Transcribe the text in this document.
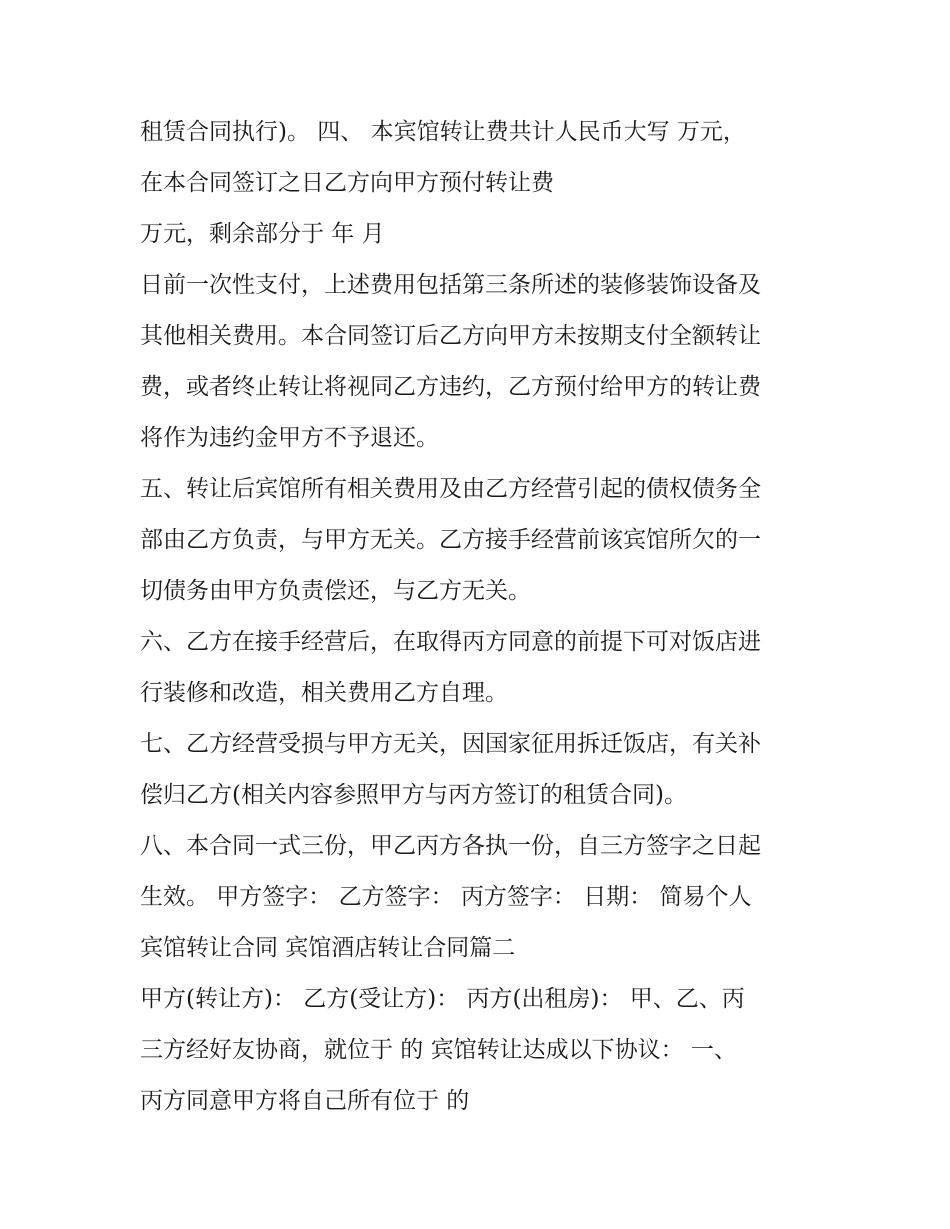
租赁合同执行)。 四、 本宾馆转让费共计人民币大写 万元，
在本合同签订之日乙方向甲方预付转让费
万元，剩余部分于 年 月
日前一次性支付，上述费用包括第三条所述的装修装饰设备及
其他相关费用。本合同签订后乙方向甲方未按期支付全额转让
费，或者终止转让将视同乙方违约，乙方预付给甲方的转让费
将作为违约金甲方不予退还。
五、转让后宾馆所有相关费用及由乙方经营引起的债权债务全
部由乙方负责，与甲方无关。乙方接手经营前该宾馆所欠的一
切债务由甲方负责偿还，与乙方无关。
六、乙方在接手经营后，在取得丙方同意的前提下可对饭店进
行装修和改造，相关费用乙方自理。
七、乙方经营受损与甲方无关，因国家征用拆迁饭店，有关补
偿归乙方(相关内容参照甲方与丙方签订的租赁合同)。
八、本合同一式三份，甲乙丙方各执一份，自三方签字之日起
生效。 甲方签字： 乙方签字： 丙方签字： 日期： 简易个人
宾馆转让合同 宾馆酒店转让合同篇二
甲方(转让方)： 乙方(受让方)： 丙方(出租房)： 甲、乙、丙
三方经好友协商，就位于 的 宾馆转让达成以下协议： 一、
丙方同意甲方将自己所有位于 的
